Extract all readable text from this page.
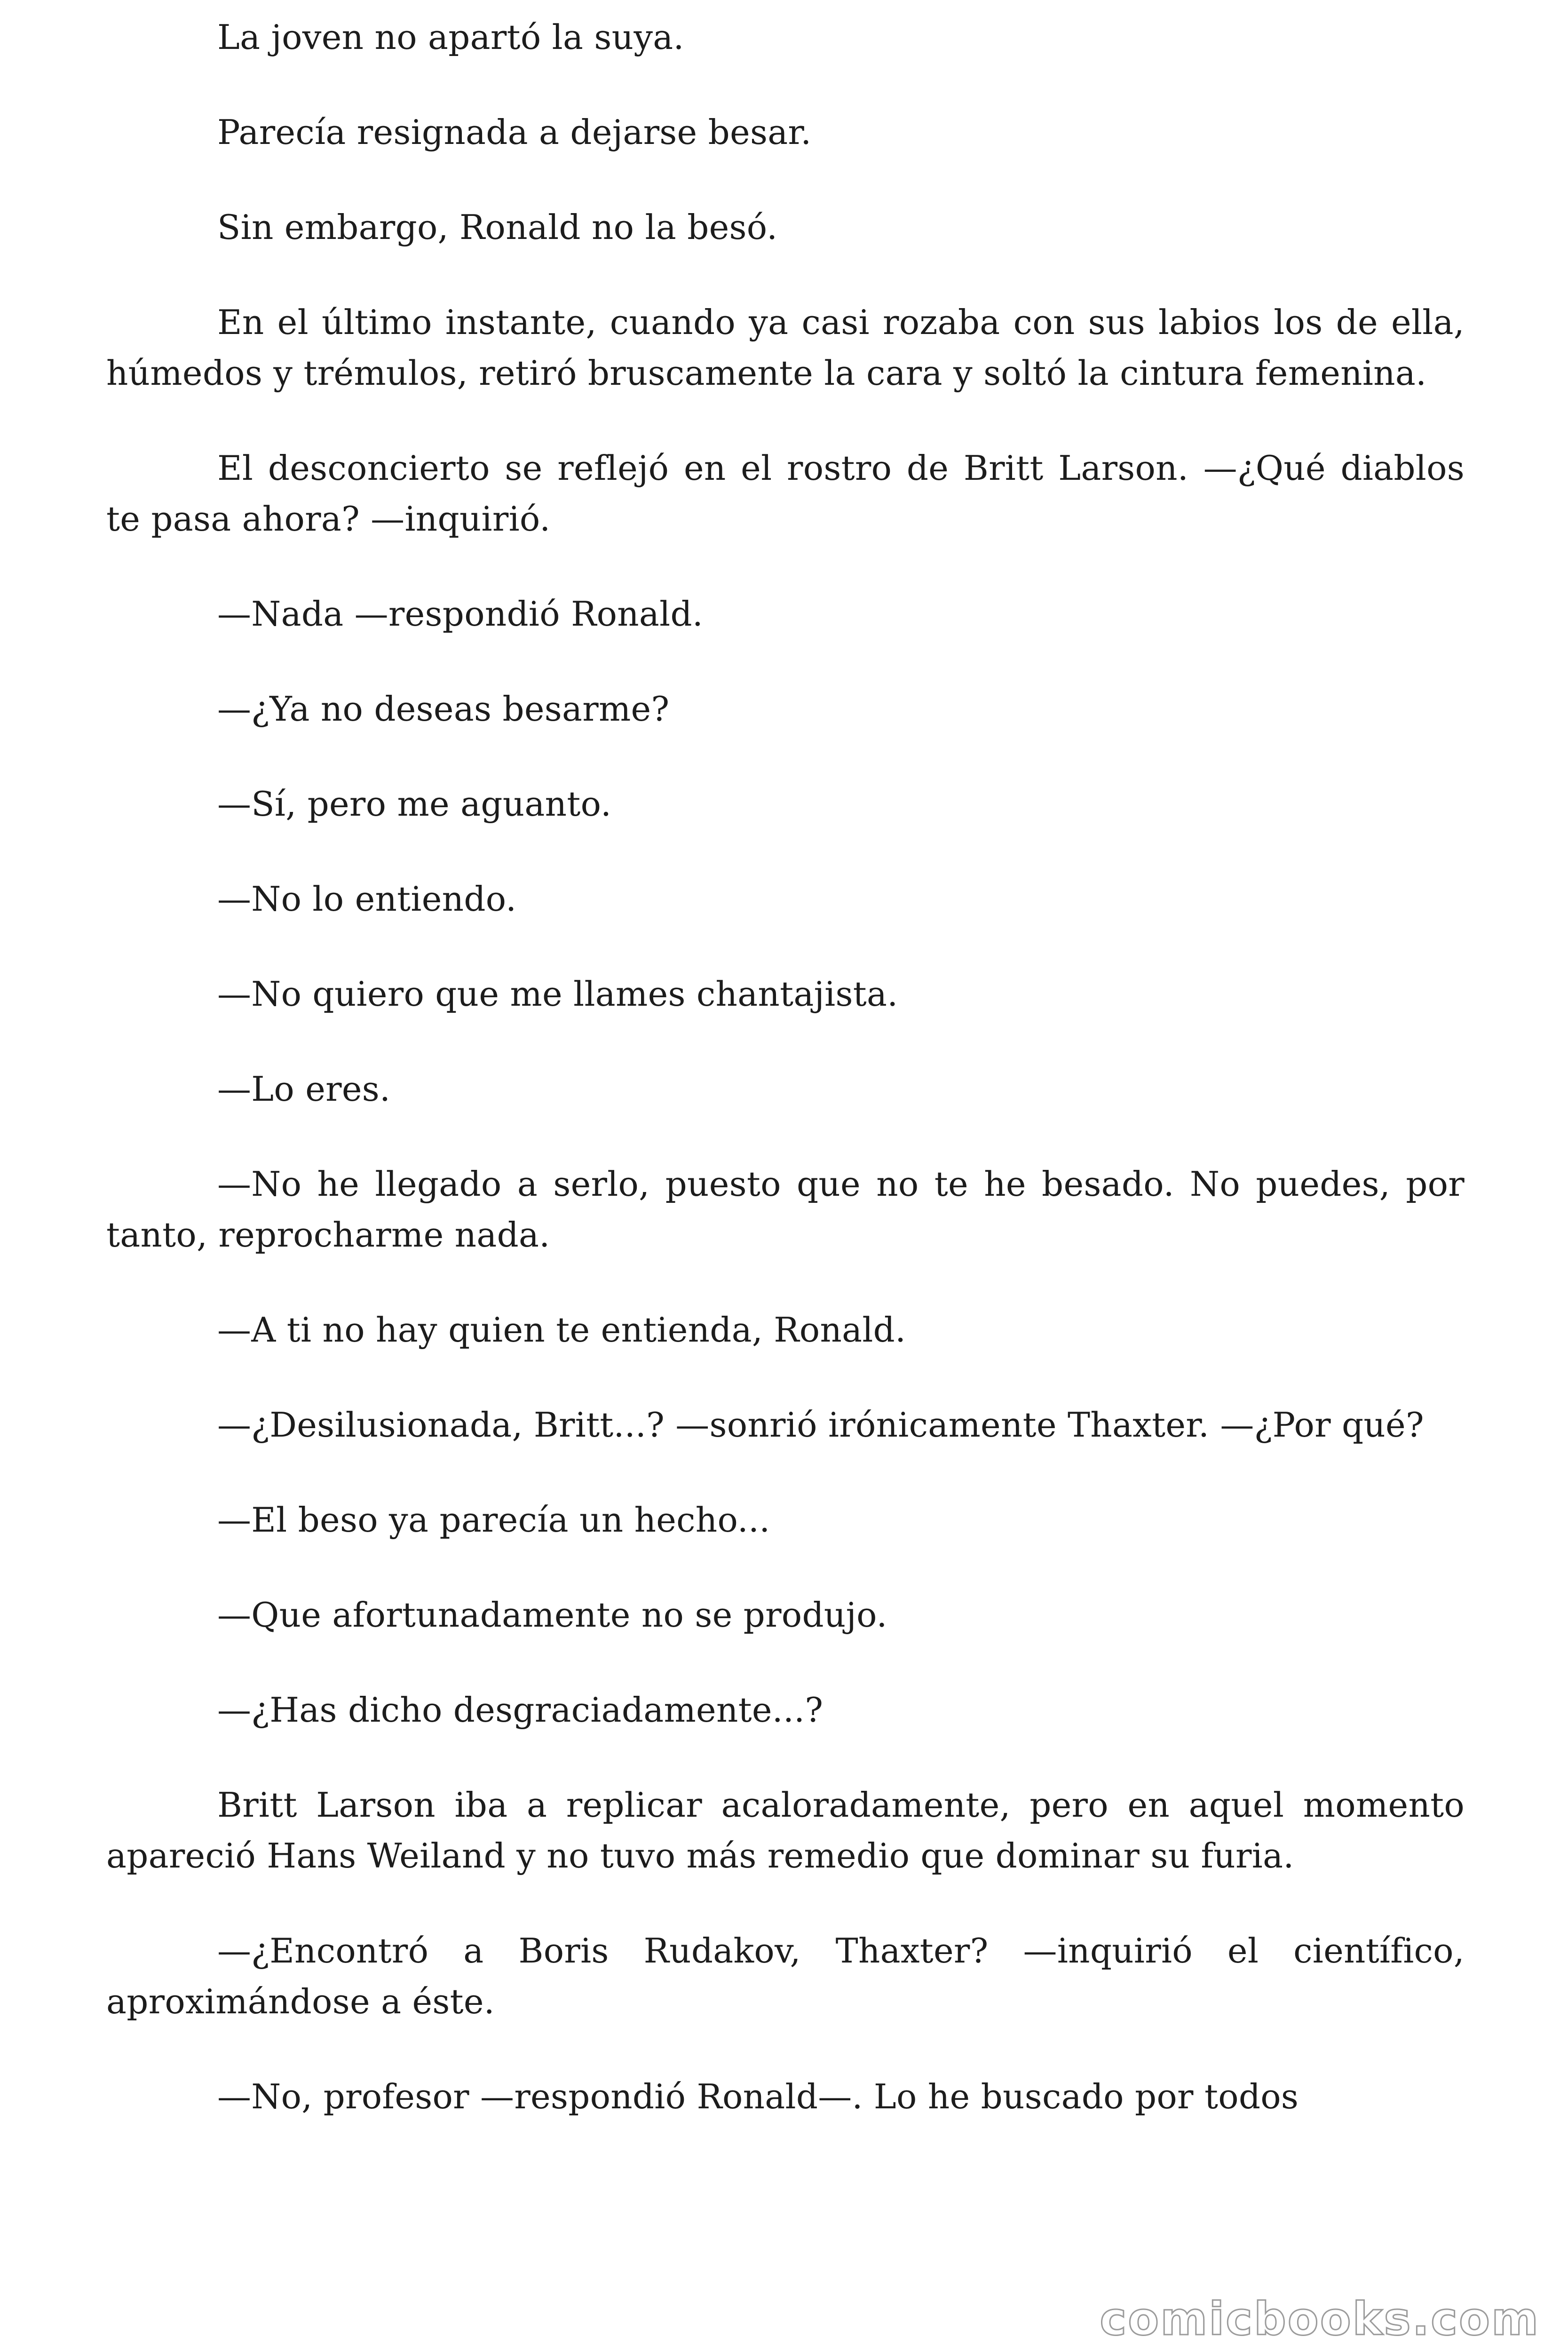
La joven no apartó la suya.

Parecía resignada a dejarse besar.

Sin embargo, Ronald no la besó.

En el último instante, cuando ya casi rozaba con sus labios los de ella, húmedos y trémulos, retiró bruscamente la cara y soltó la cintura femenina.

El desconcierto se reflejó en el rostro de Britt Larson. —¿Qué diablos te pasa ahora? —inquirió.

—Nada —respondió Ronald.

—¿Ya no deseas besarme?

—Sí, pero me aguanto.

—No lo entiendo.

—No quiero que me llames chantajista.

—Lo eres.

—No he llegado a serlo, puesto que no te he besado. No puedes, por tanto, reprocharme nada.

—A ti no hay quien te entienda, Ronald.

—¿Desilusionada, Britt...? —sonrió irónicamente Thaxter. —¿Por qué?

—El beso ya parecía un hecho...

—Que afortunadamente no se produjo.

—¿Has dicho desgraciadamente...?

Britt Larson iba a replicar acaloradamente, pero en aquel momento apareció Hans Weiland y no tuvo más remedio que dominar su furia.

—¿Encontró a Boris Rudakov, Thaxter? —inquirió el científico, aproximándose a éste.

—No, profesor —respondió Ronald—. Lo he buscado por todos

comicbooks.com
